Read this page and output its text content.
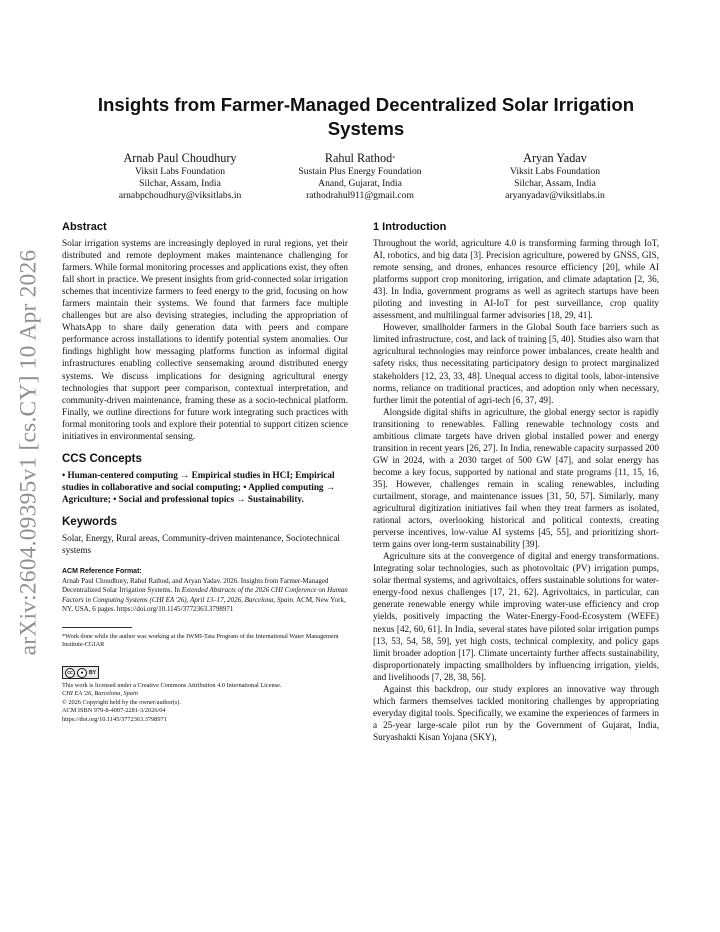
arXiv:2604.09395v1 [cs.CY] 10 Apr 2026
Insights from Farmer-Managed Decentralized Solar Irrigation
Systems
Arnab Paul Choudhury
Viksit Labs Foundation
Silchar, Assam, India
arnabpchoudhury@viksitlabs.in
Rahul Rathod*
Sustain Plus Energy Foundation
Anand, Gujarat, India
rathodrahul911@gmail.com
Aryan Yadav
Viksit Labs Foundation
Silchar, Assam, India
aryanyadav@viksitlabs.in
Abstract
Solar irrigation systems are increasingly deployed in rural regions, yet their distributed and remote deployment makes maintenance challenging for farmers. While formal monitoring processes and applications exist, they often fall short in practice. We present insights from grid-connected solar irrigation schemes that incentivize farmers to feed energy to the grid, focusing on how farmers maintain their systems. We found that farmers face multiple challenges but are also devising strategies, including the appropriation of WhatsApp to share daily generation data with peers and compare performance across installations to identify potential system anomalies. Our findings highlight how messaging platforms function as informal digital infrastructures enabling collective sensemaking around distributed energy systems. We discuss implications for designing agricultural energy technologies that support peer comparison, contextual interpretation, and community-driven maintenance, framing these as a socio-technical platform. Finally, we outline directions for future work integrating such practices with formal monitoring tools and explore their potential to support citizen science initiatives in environmental sensing.
CCS Concepts
• Human-centered computing → Empirical studies in HCI; Empirical studies in collaborative and social computing; • Applied computing → Agriculture; • Social and professional topics → Sustainability.
Keywords
Solar, Energy, Rural areas, Community-driven maintenance, Sociotechnical systems
ACM Reference Format:
Arnab Paul Choudhury, Rahul Rathod, and Aryan Yadav. 2026. Insights from Farmer-Managed Decentralized Solar Irrigation Systems. In Extended Abstracts of the 2026 CHI Conference on Human Factors in Computing Systems (CHI EA '26), April 13–17, 2026, Barcelona, Spain. ACM, New York, NY, USA, 6 pages. https://doi.org/10.1145/3772363.3798971
*Work done while the author was working at the IWMI-Tata Program of the International Water Management Institute-CGIAR
cc	●	BY
This work is licensed under a Creative Commons Attribution 4.0 International License.
CHI EA '26, Barcelona, Spain
© 2026 Copyright held by the owner/author(s).
ACM ISBN 979-8-4007-2281-3/2026/04
https://doi.org/10.1145/3772363.3798971
1 Introduction
Throughout the world, agriculture 4.0 is transforming farming through IoT, AI, robotics, and big data [3]. Precision agriculture, powered by GNSS, GIS, remote sensing, and drones, enhances resource efficiency [20], while AI platforms support crop monitoring, irrigation, and climate adaptation [2, 36, 43]. In India, government programs as well as agritech startups have been piloting and investing in AI-IoT for pest surveillance, crop quality assessment, and multilingual farmer advisories [18, 29, 41].
However, smallholder farmers in the Global South face barriers such as limited infrastructure, cost, and lack of training [5, 40]. Studies also warn that agricultural technologies may reinforce power imbalances, create health and safety risks, thus necessitating participatory design to protect marginalized stakeholders [12, 23, 33, 48]. Unequal access to digital tools, labor-intensive norms, reliance on traditional practices, and adoption only when necessary, further limit the potential of agri-tech [6, 37, 49].
Alongside digital shifts in agriculture, the global energy sector is rapidly transitioning to renewables. Falling renewable technology costs and ambitious climate targets have driven global installed power and energy transition in recent years [26, 27]. In India, renewable capacity surpassed 200 GW in 2024, with a 2030 target of 500 GW [47], and solar energy has become a key focus, supported by national and state programs [11, 15, 16, 35]. However, challenges remain in scaling renewables, including curtailment, storage, and maintenance issues [31, 50, 57]. Similarly, many agricultural digitization initiatives fail when they treat farmers as isolated, rational actors, overlooking historical and political contexts, creating perverse incentives, low-value AI systems [45, 55], and prioritizing short-term gains over long-term sustainability [39].
Agriculture sits at the convergence of digital and energy transformations. Integrating solar technologies, such as photovoltaic (PV) irrigation pumps, solar thermal systems, and agrivoltaics, offers sustainable solutions for water-energy-food nexus challenges [17, 21, 62]. Agrivoltaics, in particular, can generate renewable energy while improving water-use efficiency and crop yields, positively impacting the Water-Energy-Food-Ecosystem (WEFE) nexus [42, 60, 61]. In India, several states have piloted solar irrigation pumps [13, 53, 54, 58, 59], yet high costs, technical complexity, and policy gaps limit broader adoption [17]. Climate uncertainty further affects sustainability, disproportionately impacting smallholders by influencing irrigation, yields, and livelihoods [7, 28, 38, 56].
Against this backdrop, our study explores an innovative way through which farmers themselves tackled monitoring challenges by appropriating everyday digital tools. Specifically, we examine the experiences of farmers in a 25-year large-scale pilot run by the Government of Gujarat, India, Suryashakti Kisan Yojana (SKY),
